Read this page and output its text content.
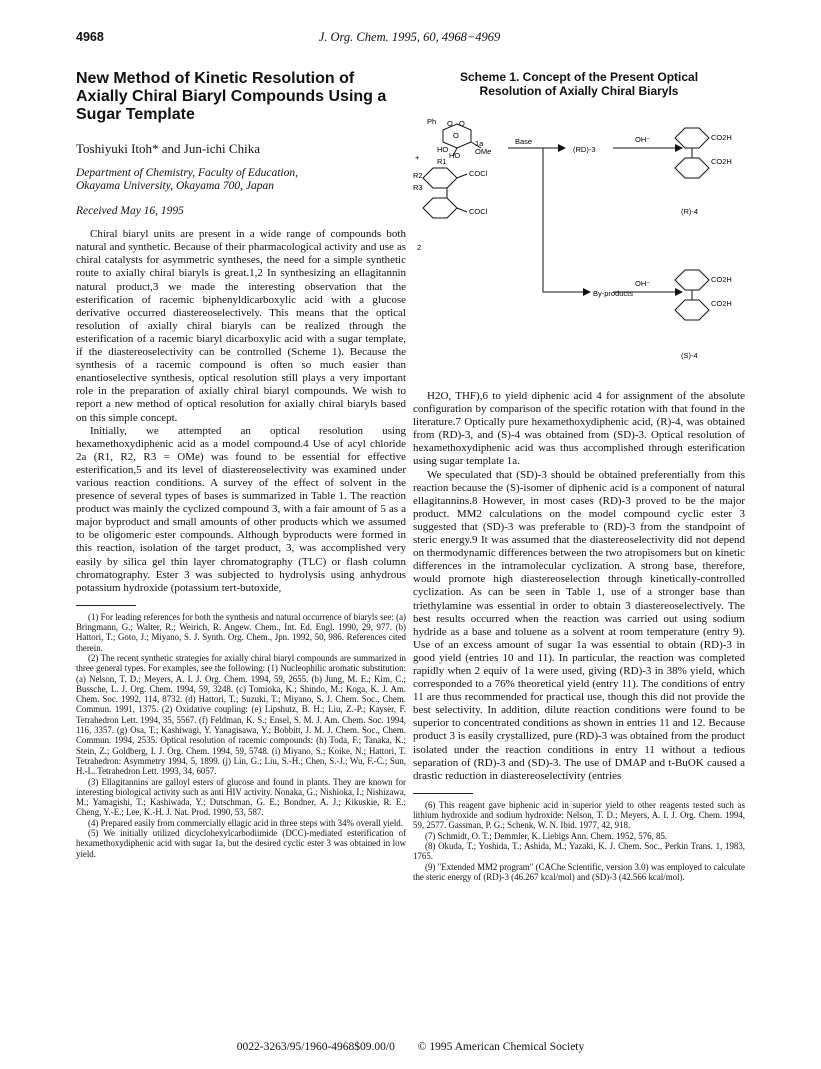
4968	J. Org. Chem. 1995, 60, 4968−4969
New Method of Kinetic Resolution of Axially Chiral Biaryl Compounds Using a Sugar Template
Toshiyuki Itoh* and Jun-ichi Chika
Department of Chemistry, Faculty of Education,
Okayama University, Okayama 700, Japan
Received May 16, 1995

Chiral biaryl units are present in a wide range of compounds both natural and synthetic. Because of their pharmacological activity and use as chiral catalysts for asymmetric syntheses, the need for a simple synthetic route to axially chiral biaryls is great.1,2 In synthesizing an ellagitannin natural product,3 we made the interesting observation that the esterification of racemic biphenyldicarboxylic acid with a glucose derivative occurred diastereoselectively. This means that the optical resolution of axially chiral biaryls can be realized through the esterification of a racemic biaryl dicarboxylic acid with a sugar template, if the diastereoselectivity can be controlled (Scheme 1). Because the synthesis of a racemic compound is often so much easier than enantioselective synthesis, optical resolution still plays a very important role in the preparation of axially chiral biaryl compounds. We wish to report a new method of optical resolution for axially chiral biaryls based on this simple concept.

Initially, we attempted an optical resolution using hexamethoxydiphenic acid as a model compound.4 Use of acyl chloride 2a (R1, R2, R3 = OMe) was found to be essential for effective esterification,5 and its level of diastereoselectivity was examined under various reaction conditions. A survey of the effect of solvent in the presence of several types of bases is summarized in Table 1. The reaction product was mainly the cyclized compound 3, with a fair amount of 5 as a major byproduct and small amounts of other products which we assumed to be oligomeric ester compounds. Although byproducts were formed in this reaction, isolation of the target product, 3, was accomplished very easily by silica gel thin layer chromatography (TLC) or flash column chromatography. Ester 3 was subjected to hydrolysis using anhydrous potassium hydroxide (potassium tert-butoxide,

(1) For leading references for both the synthesis and natural occurrence of biaryls see: (a) Bringmann, G.; Walter, R.; Weirich, R. Angew. Chem., Int. Ed. Engl. 1990, 29, 977. (b) Hattori, T.; Goto, J.; Miyano, S. J. Synth. Org. Chem., Jpn. 1992, 50, 986. References cited therein.

(2) The recent synthetic strategies for axially chiral biaryl compounds are summarized in three general types. For examples, see the following: (1) Nucleophilic aromatic substitution: (a) Nelson, T. D.; Meyers, A. I. J. Org. Chem. 1994, 59, 2655. (b) Jung, M. E.; Kim, C.; Bussche, L. J. Org. Chem. 1994, 59, 3248. (c) Tomioka, K.; Shindo, M.; Koga, K. J. Am. Chem. Soc. 1992, 114, 8732. (d) Hattori, T.; Suzuki, T.; Miyano, S. J. Chem. Soc., Chem. Commun. 1991, 1375. (2) Oxidative coupling: (e) Lipshutz, B. H.; Liu, Z.-P.; Kayser, F. Tetrahedron Lett. 1994, 35, 5567. (f) Feldman, K. S.; Ensel, S. M. J. Am. Chem. Soc. 1994, 116, 3357. (g) Osa, T.; Kashiwagi, Y. Yanagisawa, Y.; Bobbitt, J. M. J. Chem. Soc., Chem. Commun. 1994, 2535. Optical resolution of racemic compounds: (h) Toda, F.; Tanaka, K.; Stein, Z.; Goldberg, I. J. Org. Chem. 1994, 59, 5748. (i) Miyano, S.; Koike, N.; Hattori, T. Tetrahedron: Asymmetry 1994, 5, 1899. (j) Lin, G.; Liu, S.-H.; Chen, S.-J.; Wu, F.-C.; Sun, H.-L. Tetrahedron Lett. 1993, 34, 6057.

(3) Ellagitannins are galloyl esters of glucose and found in plants. They are known for interesting biological activity such as anti HIV activity. Nonaka, G.; Nishioka, I.; Nishizawa, M.; Yamagishi, T.; Kashiwada, Y.; Dutschman, G. E.; Bondner, A. J.; Kikuskie, R. E.; Cheng, Y.-E.; Lee, K.-H. J. Nat. Prod. 1990, 53, 587.

(4) Prepared easily from commercially ellagic acid in three steps with 34% overall yield.

(5) We initially utilized dicyclohexylcarbodiimide (DCC)-mediated esterification of hexamethoxydiphenic acid with sugar 1a, but the desired cyclic ester 3 was obtained in low yield.

Scheme 1. Concept of the Present Optical
Resolution of Axially Chiral Biaryls
Ph O O
O
HO
HO OMe
1a
+ R1
R2
R3
COCl
COCl
2
Base
(RD)-3
By-products
OH⁻
OH⁻
CO2H
CO2H
CO2H
CO2H
(R)-4
(S)-4

H2O, THF),6 to yield diphenic acid 4 for assignment of the absolute configuration by comparison of the specific rotation with that found in the literature.7 Optically pure hexamethoxydiphenic acid, (R)-4, was obtained from (RD)-3, and (S)-4 was obtained from (SD)-3. Optical resolution of hexamethoxydiphenic acid was thus accomplished through esterification using sugar template 1a.

We speculated that (SD)-3 should be obtained preferentially from this reaction because the (S)-isomer of diphenic acid is a component of natural ellagitannins.8 However, in most cases (RD)-3 proved to be the major product. MM2 calculations on the model compound cyclic ester 3 suggested that (SD)-3 was preferable to (RD)-3 from the standpoint of steric energy.9 It was assumed that the diastereoselectivity did not depend on thermodynamic differences between the two atropisomers but on kinetic differences in the intramolecular cyclization. A strong base, therefore, would promote high diastereoselection through kinetically-controlled cyclization. As can be seen in Table 1, use of a stronger base than triethylamine was essential in order to obtain 3 diastereoselectively. The best results occurred when the reaction was carried out using sodium hydride as a base and toluene as a solvent at room temperature (entry 9). Use of an excess amount of sugar 1a was essential to obtain (RD)-3 in good yield (entries 10 and 11). In particular, the reaction was completed rapidly when 2 equiv of 1a were used, giving (RD)-3 in 38% yield, which corresponded to a 76% theoretical yield (entry 11). The conditions of entry 11 are thus recommended for practical use, though this did not provide the best selectivity. In addition, dilute reaction conditions were found to be superior to concentrated conditions as shown in entries 11 and 12. Because product 3 is easily crystallized, pure (RD)-3 was obtained from the product isolated under the reaction conditions in entry 11 without a tedious separation of (RD)-3 and (SD)-3. The use of DMAP and t-BuOK caused a drastic reduction in diastereoselectivity (entries

(6) This reagent gave biphenic acid in superior yield to other reagents tested such as lithium hydroxide and sodium hydroxide: Nelson, T. D.; Meyers, A. I. J. Org. Chem. 1994, 59, 2577. Gassman, P. G.; Schenk, W. N. Ibid. 1977, 42, 918.

(7) Schmidt, O. T.; Demmler, K. Liebigs Ann. Chem. 1952, 576, 85.

(8) Okuda, T.; Yoshida, T.; Ashida, M.; Yazaki, K. J. Chem. Soc., Perkin Trans. 1, 1983, 1765.

(9) "Extended MM2 program" (CAChe Scientific, version 3.0) was employed to calculate the steric energy of (RD)-3 (46.267 kcal/mol) and (SD)-3 (42.566 kcal/mol).

0022-3263/95/1960-4968$09.00/0 © 1995 American Chemical Society
